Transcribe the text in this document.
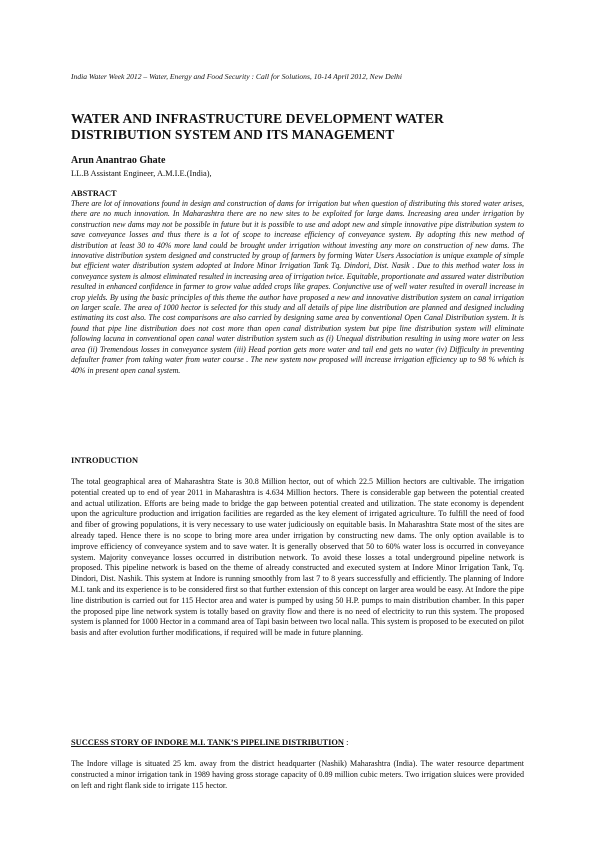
India Water Week 2012 – Water, Energy and Food Security : Call for Solutions, 10-14 April 2012, New Delhi
WATER AND INFRASTRUCTURE DEVELOPMENT WATER DISTRIBUTION SYSTEM AND ITS MANAGEMENT
Arun Anantrao Ghate
LL.B Assistant Engineer, A.M.I.E.(India),
ABSTRACT
There are lot of innovations found in design and construction of dams for irrigation but when question of distributing this stored water arises, there are no much innovation. In Maharashtra there are no new sites to be exploited for large dams. Increasing area under irrigation by construction new dams may not be possible in future but it is possible to use and adopt new and simple innovative pipe distribution system to save conveyance losses and thus there is a lot of scope to increase efficiency of conveyance system. By adopting this new method of distribution at least 30 to 40% more land could be brought under irrigation without investing any more on construction of new dams. The innovative distribution system designed and constructed by group of farmers by forming Water Users Association is unique example of simple but efficient water distribution system adopted at Indore Minor Irrigation Tank Tq. Dindori, Dist. Nasik . Due to this method water loss in conveyance system is almost eliminated resulted in increasing area of irrigation twice. Equitable, proportionate and assured water distribution resulted in enhanced confidence in farmer to grow value added crops like grapes. Conjunctive use of well water resulted in overall increase in crop yields. By using the basic principles of this theme the author have proposed a new and innovative distribution system on canal irrigation on larger scale. The area of 1000 hector is selected for this study and all details of pipe line distribution are planned and designed including estimating its cost also. The cost comparisons are also carried by designing same area by conventional Open Canal Distribution system. It is found that pipe line distribution does not cost more than open canal distribution system but pipe line distribution system will eliminate following lacuna in conventional open canal water distribution system such as (i) Unequal distribution resulting in using more water on less area (ii) Tremendous losses in conveyance system (iii) Head portion gets more water and tail end gets no water (iv) Difficulty in preventing defaulter framer from taking water from water course . The new system now proposed will increase irrigation efficiency up to 98 % which is 40% in present open canal system.
INTRODUCTION
The total geographical area of Maharashtra State is 30.8 Million hector, out of which 22.5 Million hectors are cultivable. The irrigation potential created up to end of year 2011 in Maharashtra is 4.634 Million hectors. There is considerable gap between the potential created and actual utilization. Efforts are being made to bridge the gap between potential created and utilization. The state economy is dependent upon the agriculture production and irrigation facilities are regarded as the key element of irrigated agriculture. To fulfill the need of food and fiber of growing populations, it is very necessary to use water judiciously on equitable basis. In Maharashtra State most of the sites are already taped. Hence there is no scope to bring more area under irrigation by constructing new dams. The only option available is to improve efficiency of conveyance system and to save water. It is generally observed that 50 to 60% water loss is occurred in conveyance system. Majority conveyance losses occurred in distribution network. To avoid these losses a total underground pipeline network is proposed. This pipeline network is based on the theme of already constructed and executed system at Indore Minor Irrigation Tank, Tq. Dindori, Dist. Nashik. This system at Indore is running smoothly from last 7 to 8 years successfully and efficiently. The planning of Indore M.I. tank and its experience is to be considered first so that further extension of this concept on larger area would be easy. At Indore the pipe line distribution is carried out for 115 Hector area and water is pumped by using 50 H.P. pumps to main distribution chamber. In this paper the proposed pipe line network system is totally based on gravity flow and there is no need of electricity to run this system. The proposed system is planned for 1000 Hector in a command area of Tapi basin between two local nalla. This system is proposed to be executed on pilot basis and after evolution further modifications, if required will be made in future planning.
SUCCESS STORY OF INDORE M.I. TANK’S PIPELINE DISTRIBUTION :
The Indore village is situated 25 km. away from the district headquarter (Nashik) Maharashtra (India). The water resource department constructed a minor irrigation tank in 1989 having gross storage capacity of 0.89 million cubic meters. Two irrigation sluices were provided on left and right flank side to irrigate 115 hector.
